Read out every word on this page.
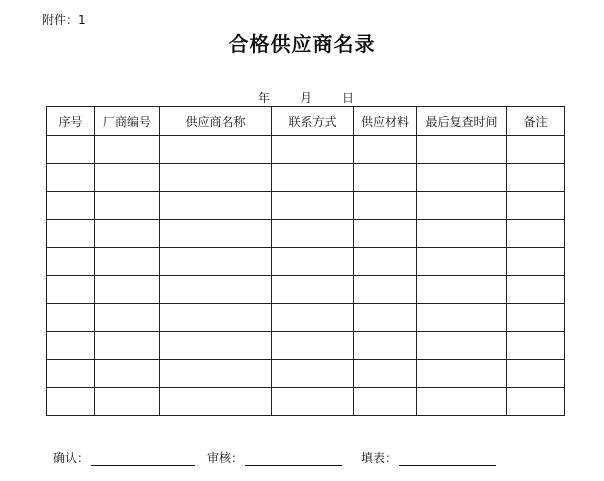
附件：1
合格供应商名录
年	月	日
序号	厂商编号	供应商名称	联系方式	供应材料	最后复查时间	备注

确认：	审核：	填表：
